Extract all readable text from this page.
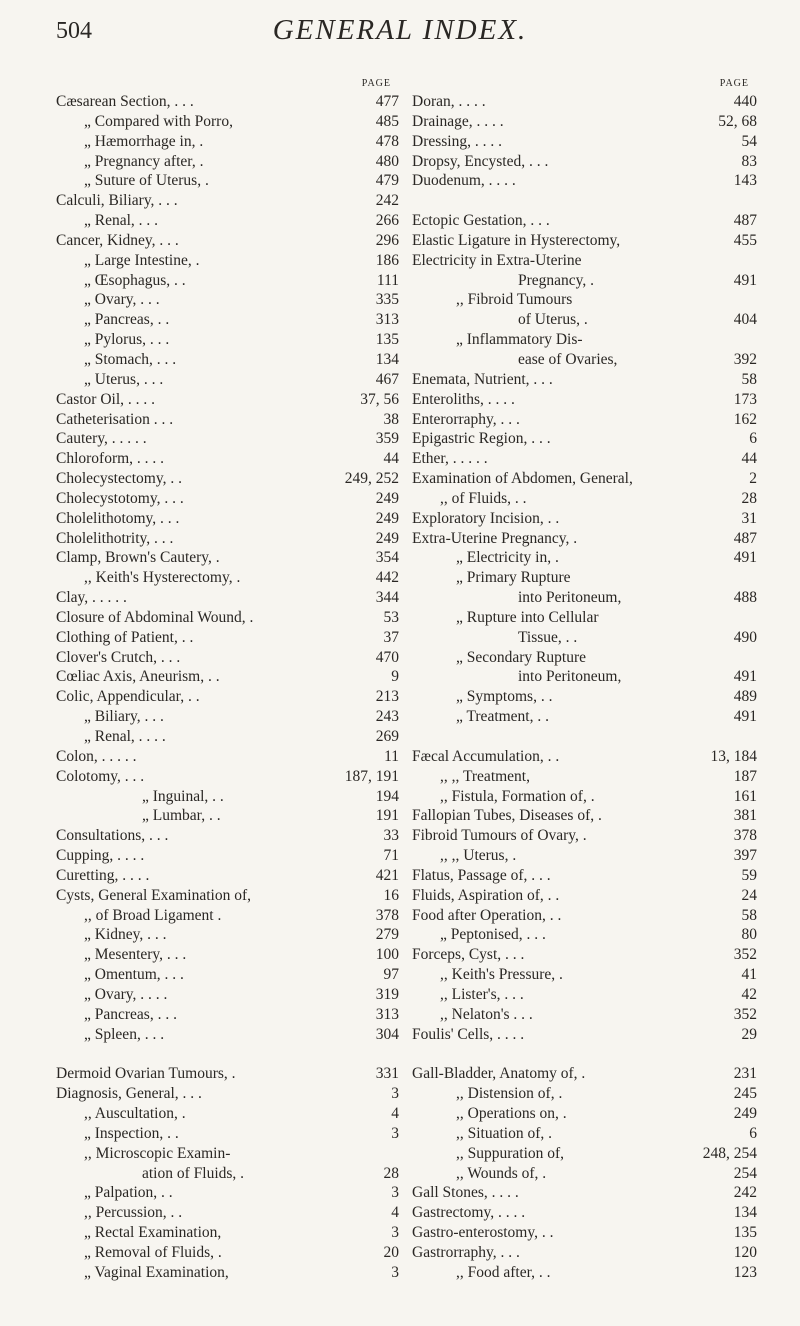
504	GENERAL INDEX.
PAGE
Cæsarean Section, . . .	477
„ Compared with Porro,	485
„ Hæmorrhage in, .	478
„ Pregnancy after, .	480
„ Suture of Uterus, .	479
Calculi, Biliary, . . .	242
„ Renal, . . .	266
Cancer, Kidney, . . .	296
„ Large Intestine, .	186
„ Œsophagus, . .	111
„ Ovary, . . .	335
„ Pancreas, . .	313
„ Pylorus, . . .	135
„ Stomach, . . .	134
„ Uterus, . . .	467
Castor Oil, . . . .	37, 56
Catheterisation . . .	38
Cautery, . . . . .	359
Chloroform, . . . .	44
Cholecystectomy, . .	249, 252
Cholecystotomy, . . .	249
Cholelithotomy, . . .	249
Cholelithotrity, . . .	249
Clamp, Brown's Cautery, .	354
,, Keith's Hysterectomy, .	442
Clay, . . . . .	344
Closure of Abdominal Wound, .	53
Clothing of Patient, . .	37
Clover's Crutch, . . .	470
Cœliac Axis, Aneurism, . .	9
Colic, Appendicular, . .	213
„ Biliary, . . .	243
„ Renal, . . . .	269
Colon, . . . . .	11
Colotomy, . . .	187, 191
„ Inguinal, . .	194
„ Lumbar, . .	191
Consultations, . . .	33
Cupping, . . . .	71
Curetting, . . . .	421
Cysts, General Examination of,	16
,, of Broad Ligament .	378
„ Kidney, . . .	279
„ Mesentery, . . .	100
„ Omentum, . . .	97
„ Ovary, . . . .	319
„ Pancreas, . . .	313
„ Spleen, . . .	304
Dermoid Ovarian Tumours, .	331
Diagnosis, General, . . .	3
,, Auscultation, .	4
„ Inspection, . .	3
,, Microscopic Examin-
ation of Fluids, .	28
„ Palpation, . .	3
,, Percussion, . .	4
„ Rectal Examination,	3
„ Removal of Fluids, .	20
„ Vaginal Examination,	3
PAGE
Doran, . . . .	440
Drainage, . . . .	52, 68
Dressing, . . . .	54
Dropsy, Encysted, . . .	83
Duodenum, . . . .	143
Ectopic Gestation, . . .	487
Elastic Ligature in Hysterectomy,	455
Electricity in Extra-Uterine
Pregnancy, .	491
,, Fibroid Tumours
of Uterus, .	404
„ Inflammatory Dis-
ease of Ovaries,	392
Enemata, Nutrient, . . .	58
Enteroliths, . . . .	173
Enterorraphy, . . .	162
Epigastric Region, . . .	6
Ether, . . . . .	44
Examination of Abdomen, General,	2
,, of Fluids, . .	28
Exploratory Incision, . .	31
Extra-Uterine Pregnancy, .	487
„ Electricity in, .	491
„ Primary Rupture
into Peritoneum,	488
„ Rupture into Cellular
Tissue, . .	490
„ Secondary Rupture
into Peritoneum,	491
„ Symptoms, . .	489
„ Treatment, . .	491
Fæcal Accumulation, . .	13, 184
,, ,, Treatment,	187
,, Fistula, Formation of, .	161
Fallopian Tubes, Diseases of, .	381
Fibroid Tumours of Ovary, .	378
,, ,, Uterus, .	397
Flatus, Passage of, . . .	59
Fluids, Aspiration of, . .	24
Food after Operation, . .	58
„ Peptonised, . . .	80
Forceps, Cyst, . . .	352
,, Keith's Pressure, .	41
,, Lister's, . . .	42
,, Nelaton's . . .	352
Foulis' Cells, . . . .	29
Gall-Bladder, Anatomy of, .	231
,, Distension of, .	245
,, Operations on, .	249
,, Situation of, .	6
,, Suppuration of,	248, 254
,, Wounds of, .	254
Gall Stones, . . . .	242
Gastrectomy, . . . .	134
Gastro-enterostomy, . .	135
Gastrorraphy, . . .	120
,, Food after, . .	123
